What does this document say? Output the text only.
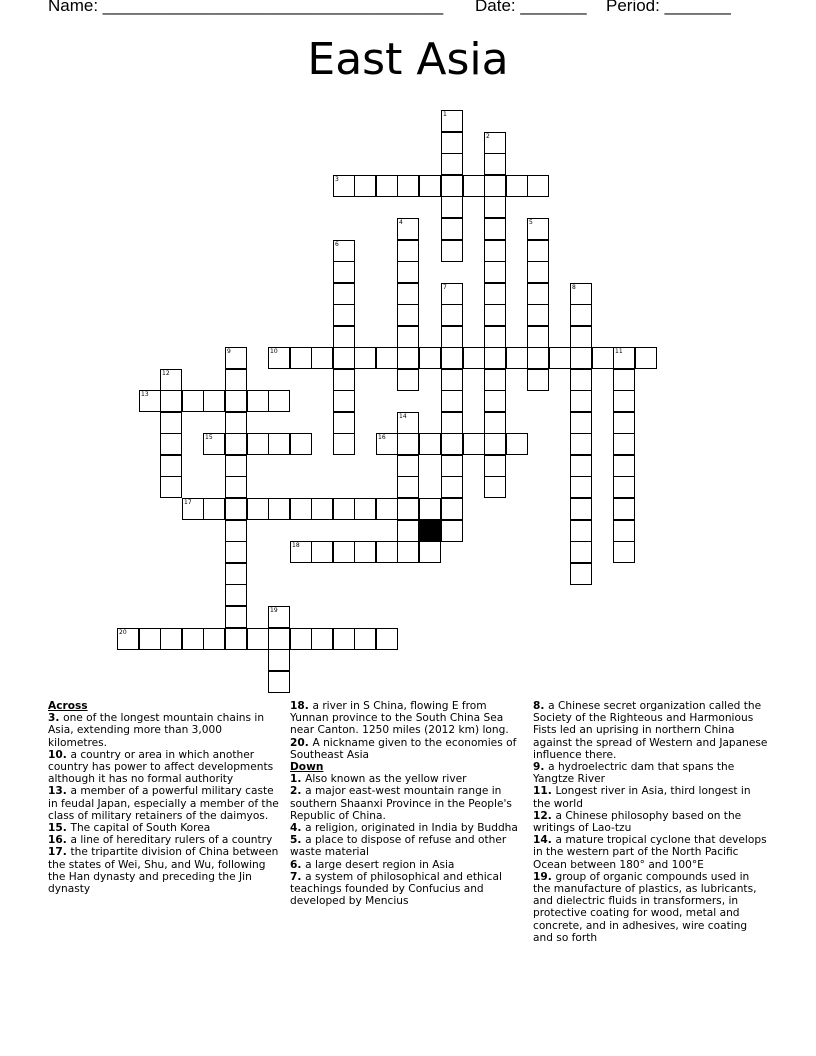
Name: ____________________________________ Date: _______ Period: _______
East Asia
1
2
3
4	5
6
7	8
9	10	11
12
13
14
15	16
17
18
19
20
Across
3. one of the longest mountain chains in Asia, extending more than 3,000 kilometres.
10. a country or area in which another country has power to affect developments although it has no formal authority
13. a member of a powerful military caste in feudal Japan, especially a member of the class of military retainers of the daimyos.
15. The capital of South Korea
16. a line of hereditary rulers of a country
17. the tripartite division of China between the states of Wei, Shu, and Wu, following the Han dynasty and preceding the Jin dynasty
18. a river in S China, flowing E from Yunnan province to the South China Sea near Canton. 1250 miles (2012 km) long.
20. A nickname given to the economies of Southeast Asia
Down
1. Also known as the yellow river
2. a major east-west mountain range in southern Shaanxi Province in the People's Republic of China.
4. a religion, originated in India by Buddha
5. a place to dispose of refuse and other waste material
6. a large desert region in Asia
7. a system of philosophical and ethical teachings founded by Confucius and developed by Mencius
8. a Chinese secret organization called the Society of the Righteous and Harmonious Fists led an uprising in northern China against the spread of Western and Japanese influence there.
9. a hydroelectric dam that spans the Yangtze River
11. Longest river in Asia, third longest in the world
12. a Chinese philosophy based on the writings of Lao-tzu
14. a mature tropical cyclone that develops in the western part of the North Pacific Ocean between 180° and 100°E
19. group of organic compounds used in the manufacture of plastics, as lubricants, and dielectric fluids in transformers, in protective coating for wood, metal and concrete, and in adhesives, wire coating and so forth
